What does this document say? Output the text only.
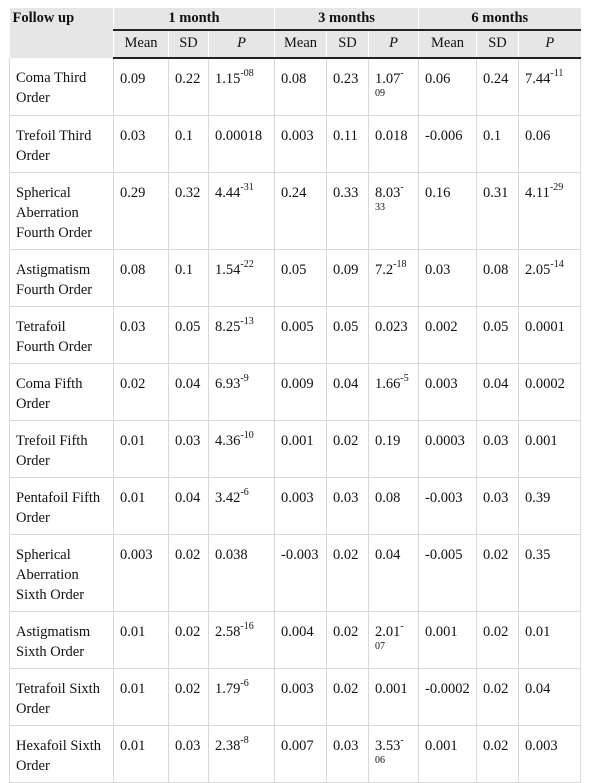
Follow up	1 month			3 months			6 months		
	Mean	SD	P	Mean	SD	P	Mean	SD	P
Coma Third Order	0.09	0.22	$1.15^{-08}$	0.08	0.23	$1.07^{-09}$	0.06	0.24	$7.44^{-11}$
Trefoil Third Order	0.03	0.1	0.00018	0.003	0.11	0.018	-0.006	0.1	0.06
Spherical Aberration Fourth Order	0.29	0.32	$4.44^{-31}$	0.24	0.33	$8.03^{-33}$	0.16	0.31	$4.11^{-29}$
Astigmatism Fourth Order	0.08	0.1	$1.54^{-22}$	0.05	0.09	$7.2^{-18}$	0.03	0.08	$2.05^{-14}$
Tetrafoil Fourth Order	0.03	0.05	$8.25^{-13}$	0.005	0.05	0.023	0.002	0.05	0.0001
Coma Fifth Order	0.02	0.04	$6.93^{-9}$	0.009	0.04	$1.66^{-5}$	0.003	0.04	0.0002
Trefoil Fifth Order	0.01	0.03	$4.36^{-10}$	0.001	0.02	0.19	0.0003	0.03	0.001
Pentafoil Fifth Order	0.01	0.04	$3.42^{-6}$	0.003	0.03	0.08	-0.003	0.03	0.39
Spherical Aberration Sixth Order	0.003	0.02	0.038	-0.003	0.02	0.04	-0.005	0.02	0.35
Astigmatism Sixth Order	0.01	0.02	$2.58^{-16}$	0.004	0.02	$2.01^{-07}$	0.001	0.02	0.01
Tetrafoil Sixth Order	0.01	0.02	$1.79^{-6}$	0.003	0.02	0.001	-0.0002	0.02	0.04
Hexafoil Sixth Order	0.01	0.03	$2.38^{-8}$	0.007	0.03	$3.53^{-06}$	0.001	0.02	0.003
